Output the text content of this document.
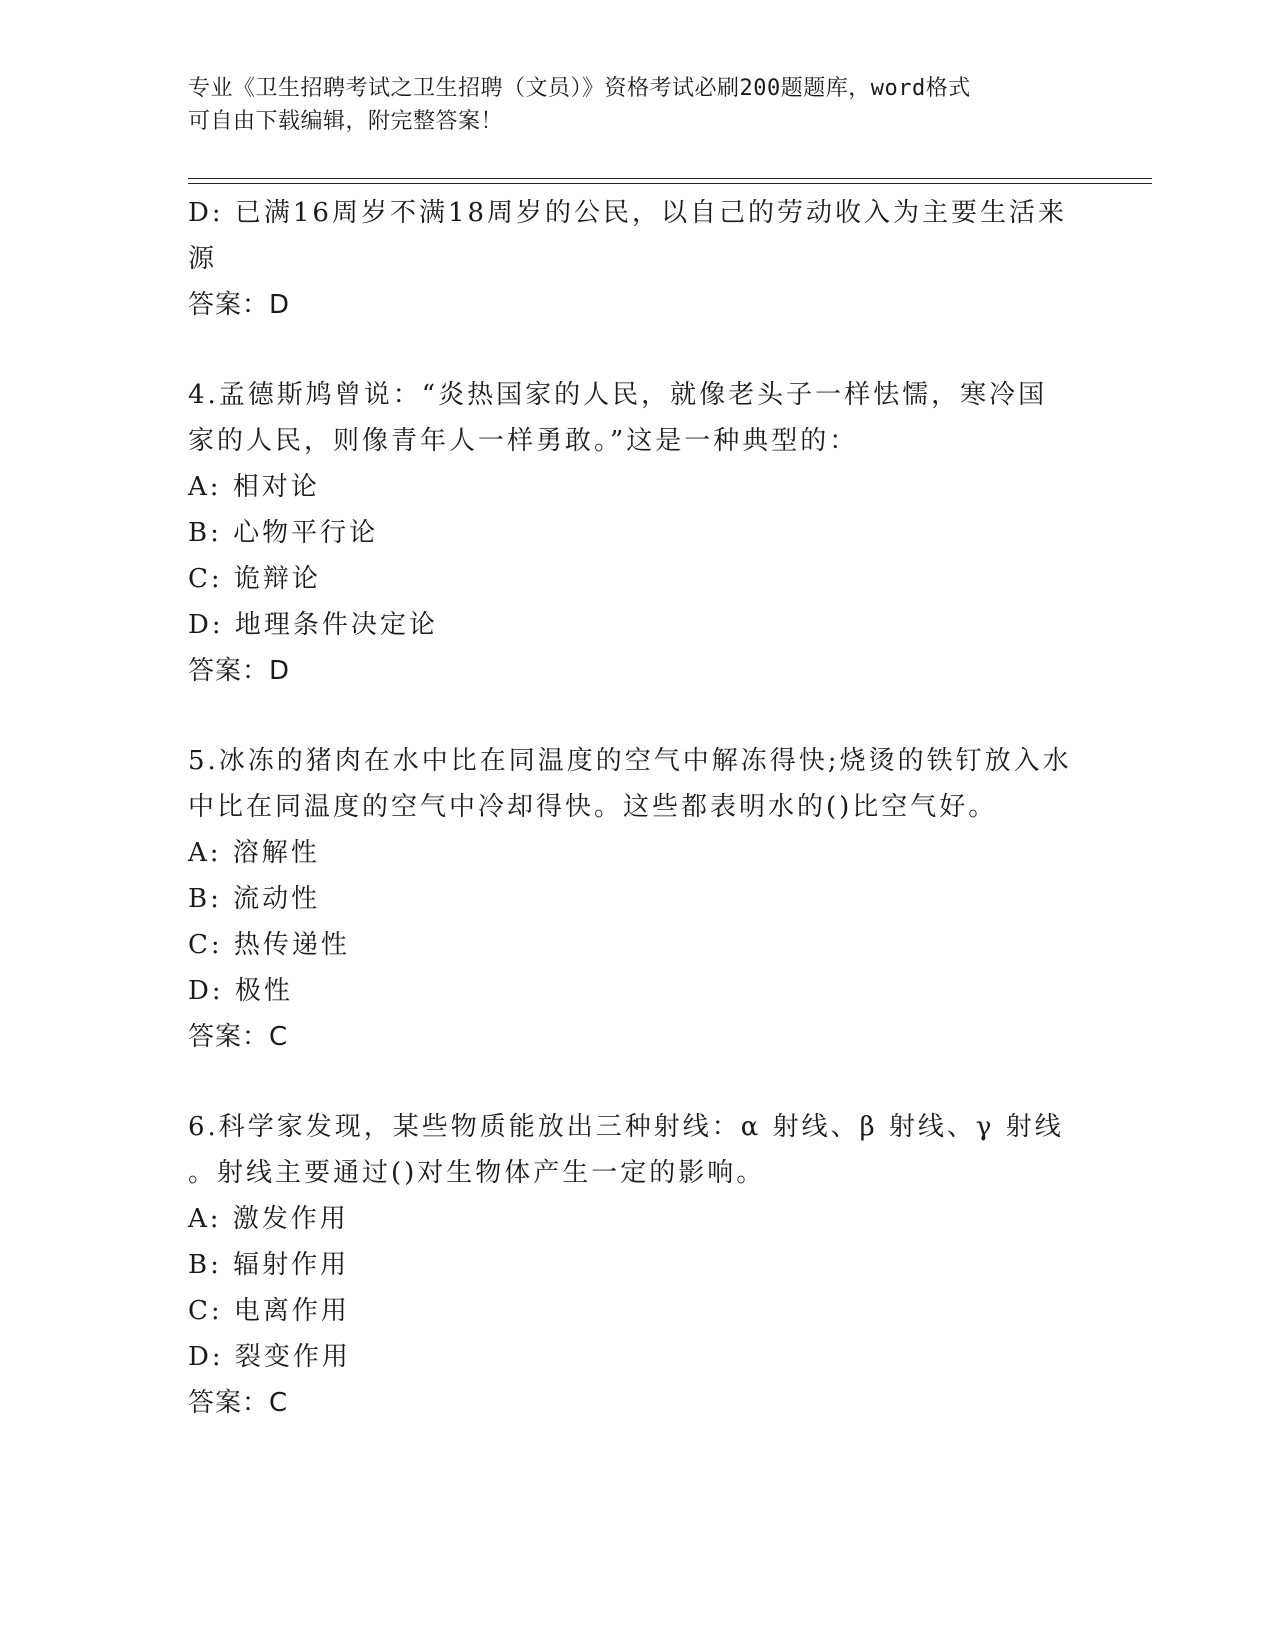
专业《卫生招聘考试之卫生招聘（文员）》资格考试必刷200题题库，word格式
可自由下载编辑，附完整答案！
D: 已满16周岁不满18周岁的公民，以自己的劳动收入为主要生活来
源
答案：D
4.孟德斯鸠曾说：“炎热国家的人民，就像老头子一样怯懦，寒冷国
家的人民，则像青年人一样勇敢。”这是一种典型的：
A: 相对论
B: 心物平行论
C: 诡辩论
D: 地理条件决定论
答案：D
5.冰冻的猪肉在水中比在同温度的空气中解冻得快;烧烫的铁钉放入水
中比在同温度的空气中冷却得快。这些都表明水的()比空气好。
A: 溶解性
B: 流动性
C: 热传递性
D: 极性
答案：C
6.科学家发现，某些物质能放出三种射线：α 射线、β 射线、γ 射线
。射线主要通过()对生物体产生一定的影响。
A: 激发作用
B: 辐射作用
C: 电离作用
D: 裂变作用
答案：C
